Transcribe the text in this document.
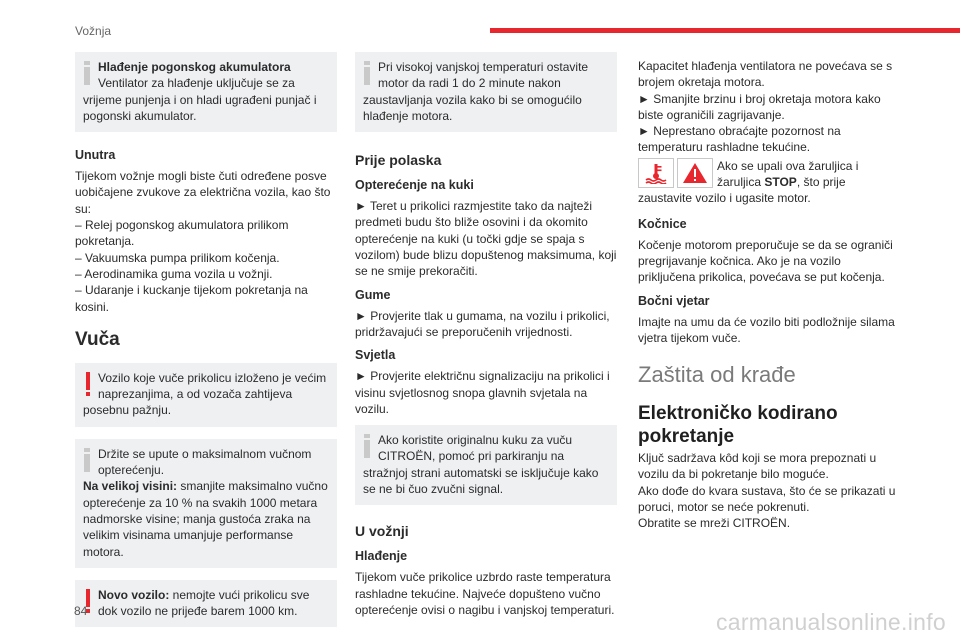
Vožnja

Hlađenje pogonskog akumulatora
Ventilator za hlađenje uključuje se za vrijeme punjenja i on hladi ugrađeni punjač i pogonski akumulator.

Unutra

Tijekom vožnje mogli biste čuti određene posve uobičajene zvukove za električna vozila, kao što su:

– Relej pogonskog akumulatora prilikom pokretanja.

– Vakuumska pumpa prilikom kočenja.

– Aerodinamika guma vozila u vožnji.

– Udaranje i kuckanje tijekom pokretanja na kosini.

Vuča

Vozilo koje vuče prikolicu izloženo je većim naprezanjima, a od vozača zahtijeva posebnu pažnju.

Držite se upute o maksimalnom vučnom opterećenju.
Na velikoj visini: smanjite maksimalno vučno opterećenje za 10 % na svakih 1000 metara nadmorske visine; manja gustoća zraka na velikim visinama umanjuje performanse motora.

Novo vozilo: nemojte vući prikolicu sve dok vozilo ne prijeđe barem 1000 km.

Pri visokoj vanjskoj temperaturi ostavite motor da radi 1 do 2 minute nakon zaustavljanja vozila kako bi se omogućilo hlađenje motora.

Prije polaska
Opterećenje na kuki

► Teret u prikolici razmjestite tako da najteži predmeti budu što bliže osovini i da okomito opterećenje na kuki (u točki gdje se spaja s vozilom) bude blizu dopuštenog maksimuma, koji se ne smije prekoračiti.

Gume

► Provjerite tlak u gumama, na vozilu i prikolici, pridržavajući se preporučenih vrijednosti.

Svjetla

► Provjerite električnu signalizaciju na prikolici i visinu svjetlosnog snopa glavnih svjetala na vozilu.

Ako koristite originalnu kuku za vuču CITROËN, pomoć pri parkiranju na stražnjoj strani automatski se isključuje kako se ne bi čuo zvučni signal.

U vožnji
Hlađenje

Tijekom vuče prikolice uzbrdo raste temperatura rashladne tekućine. Najveće dopušteno vučno opterećenje ovisi o nagibu i vanjskoj temperaturi.

Kapacitet hlađenja ventilatora ne povećava se s brojem okretaja motora.

► Smanjite brzinu i broj okretaja motora kako biste ograničili zagrijavanje.

► Neprestano obraćajte pozornost na temperaturu rashladne tekućine.

Ako se upali ova žaruljica i žaruljica STOP, što prije zaustavite vozilo i ugasite motor.

Kočnice

Kočenje motorom preporučuje se da se ograniči pregrijavanje kočnica. Ako je na vozilo priključena prikolica, povećava se put kočenja.

Bočni vjetar

Imajte na umu da će vozilo biti podložnije silama vjetra tijekom vuče.

Zaštita od krađe
Elektroničko kodirano pokretanje

Ključ sadržava kôd koji se mora prepoznati u vozilu da bi pokretanje bilo moguće.

Ako dođe do kvara sustava, što će se prikazati u poruci, motor se neće pokrenuti.

Obratite se mreži CITROËN.

84	carmanualsonline.info
